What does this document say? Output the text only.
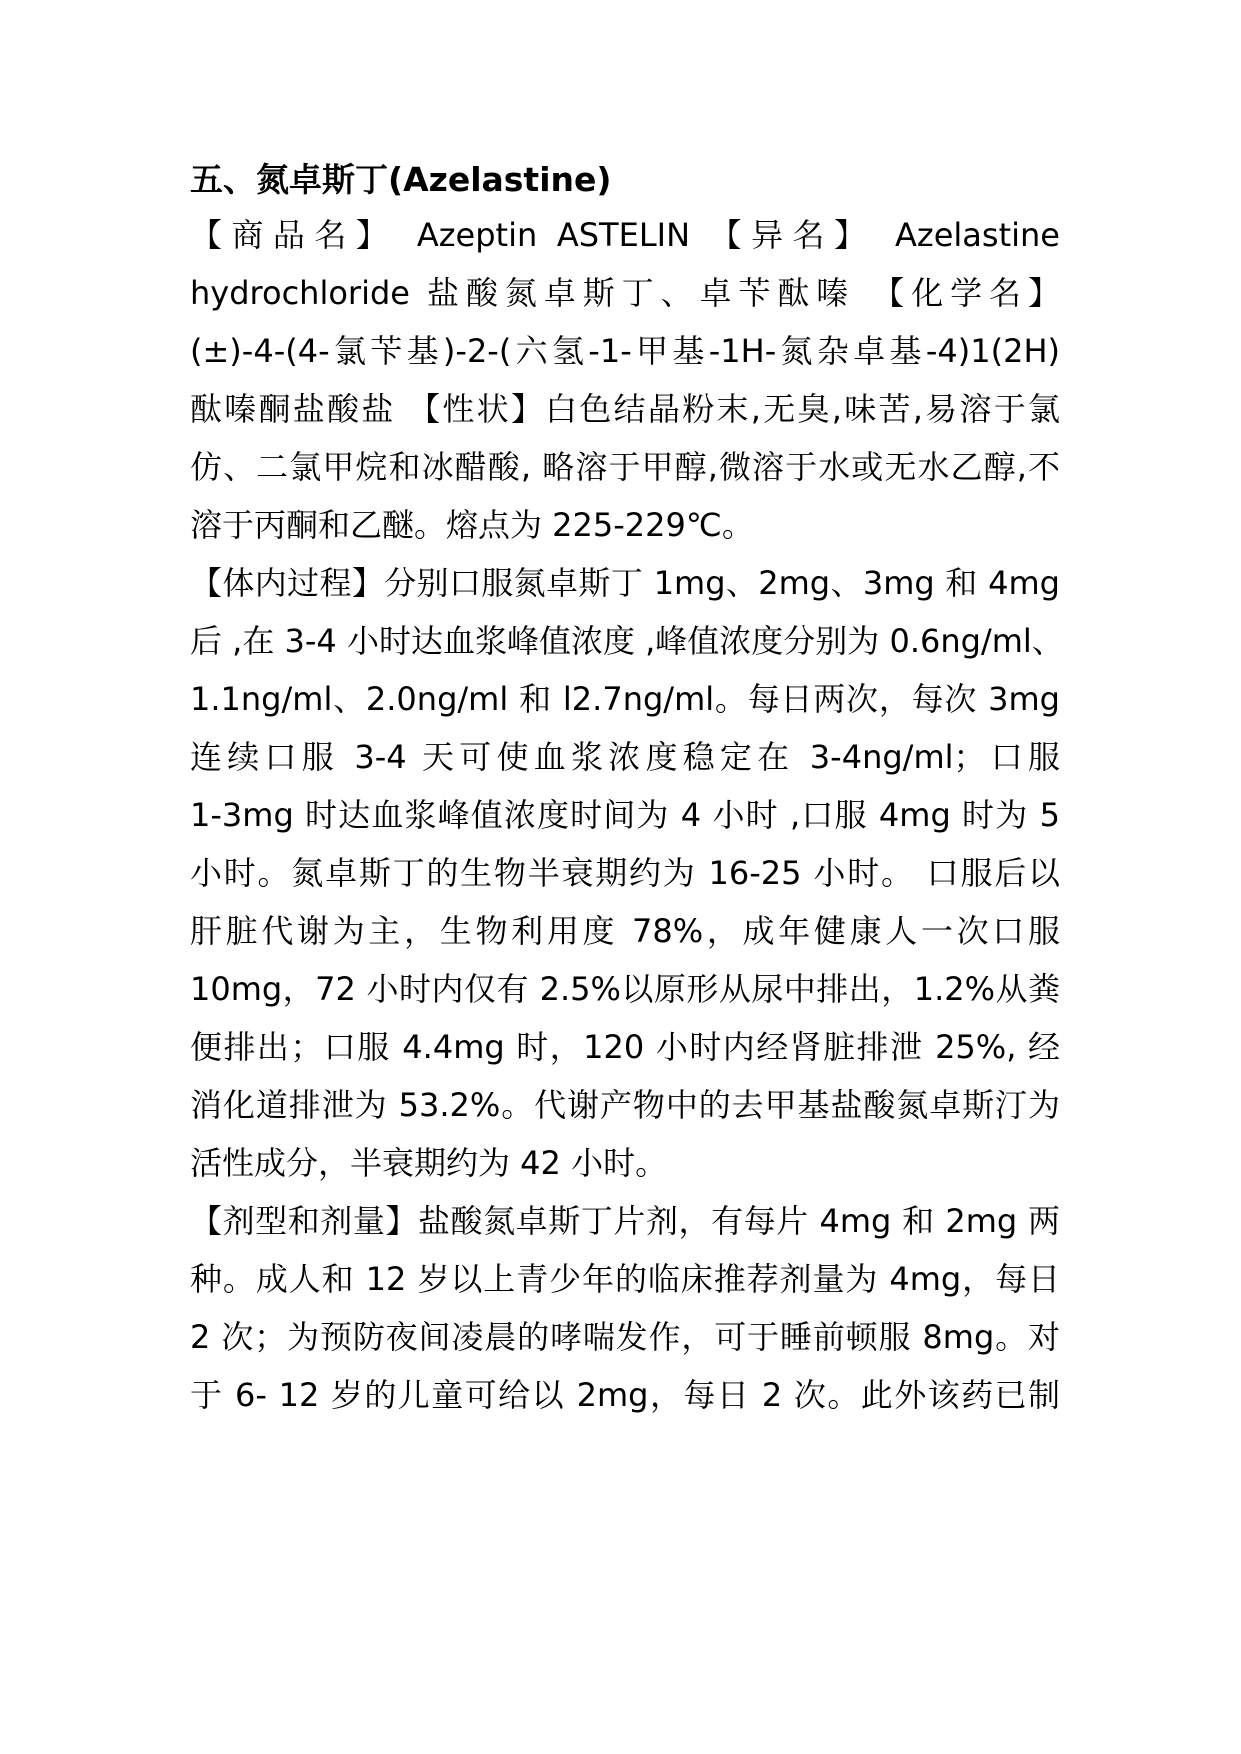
五、氮卓斯丁(Azelastine)
【商品名】 Azeptin ASTELIN 【异名】 Azelastine
hydrochloride 盐酸氮卓斯丁、卓苄酞嗪 【化学名】
(±)-4-(4-氯苄基)-2-(六氢-1-甲基-1H-氮杂卓基-4)1(2H)
酞嗪酮盐酸盐 【性状】白色结晶粉末,无臭,味苦,易溶于氯
仿、二氯甲烷和冰醋酸, 略溶于甲醇,微溶于水或无水乙醇,不
溶于丙酮和乙醚。熔点为 225-229℃。
【体内过程】分别口服氮卓斯丁 1mg、2mg、3mg 和 4mg
后 ,在 3-4 小时达血浆峰值浓度 ,峰值浓度分别为 0.6ng/ml、
1.1ng/ml、2.0ng/ml 和 l2.7ng/ml。每日两次，每次 3mg
连续口服 3-4 天可使血浆浓度稳定在 3-4ng/ml；口服
1-3mg 时达血浆峰值浓度时间为 4 小时 ,口服 4mg 时为 5
小时。氮卓斯丁的生物半衰期约为 16-25 小时。 口服后以
肝脏代谢为主，生物利用度 78%，成年健康人一次口服
10mg，72 小时内仅有 2.5%以原形从尿中排出，1.2%从粪
便排出；口服 4.4mg 时，120 小时内经肾脏排泄 25%, 经
消化道排泄为 53.2%。代谢产物中的去甲基盐酸氮卓斯汀为
活性成分，半衰期约为 42 小时。
【剂型和剂量】盐酸氮卓斯丁片剂，有每片 4mg 和 2mg 两
种。成人和 12 岁以上青少年的临床推荐剂量为 4mg，每日
2 次；为预防夜间凌晨的哮喘发作，可于睡前顿服 8mg。对
于 6- 12 岁的儿童可给以 2mg，每日 2 次。此外该药已制
